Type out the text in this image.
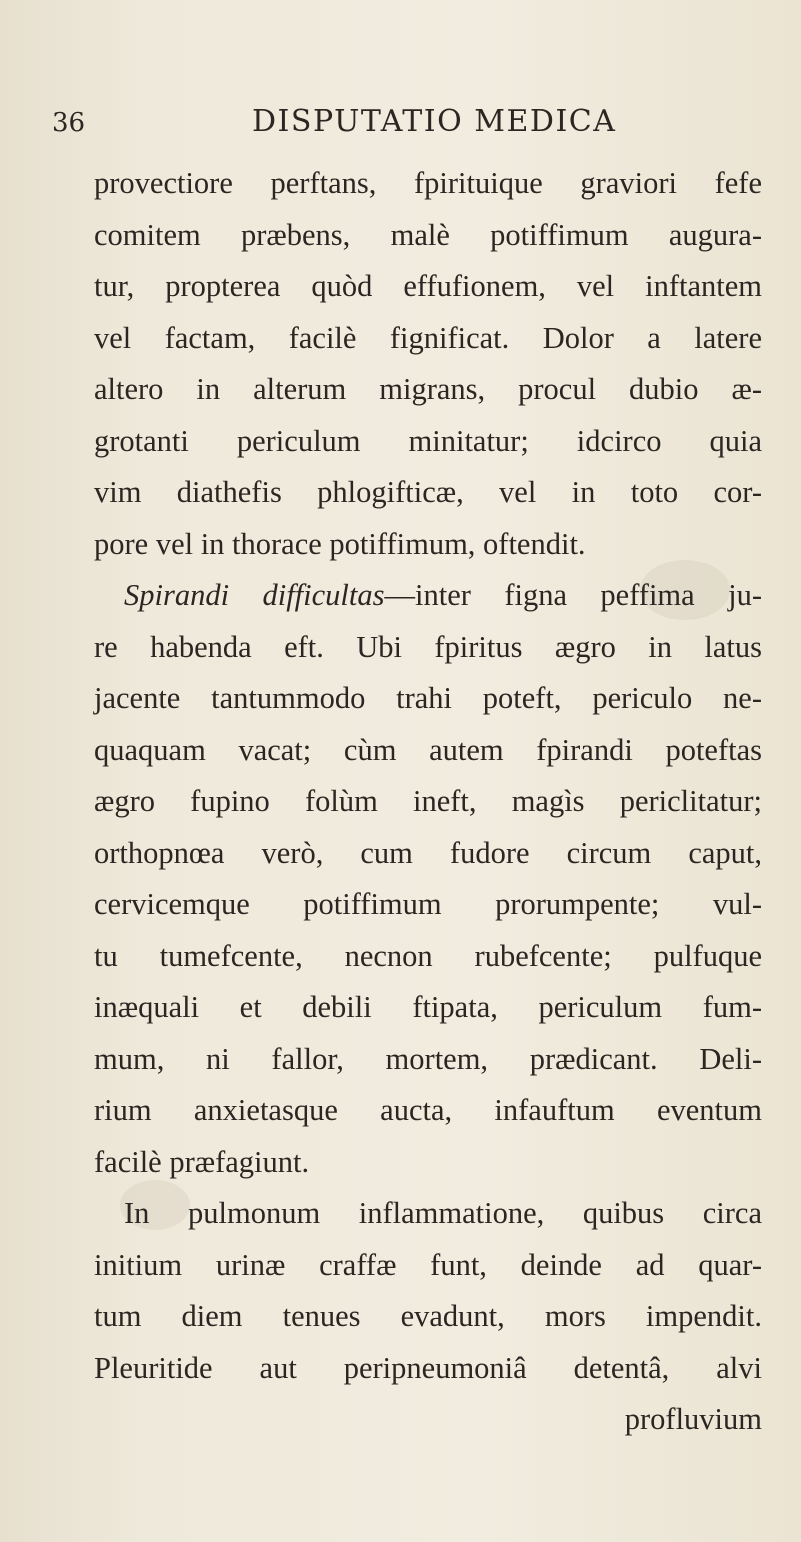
36	DISPUTATIO MEDICA
provectiore perftans, fpirituique graviori fefe
comitem præbens, malè potiffimum augura-
tur, propterea quòd effufionem, vel inftantem
vel factam, facilè fignificat. Dolor a latere
altero in alterum migrans, procul dubio æ-
grotanti periculum minitatur; idcirco quia
vim diathefis phlogifticæ, vel in toto cor-
pore vel in thorace potiffimum, oftendit.
Spirandi difficultas—inter figna peffima ju-
re habenda eft. Ubi fpiritus ægro in latus
jacente tantummodo trahi poteft, periculo ne-
quaquam vacat; cùm autem fpirandi poteftas
ægro fupino folùm ineft, magìs periclitatur;
orthopnœa verò, cum fudore circum caput,
cervicemque potiffimum prorumpente; vul-
tu tumefcente, necnon rubefcente; pulfuque
inæquali et debili ftipata, periculum fum-
mum, ni fallor, mortem, prædicant. Deli-
rium anxietasque aucta, infauftum eventum
facilè præfagiunt.
In pulmonum inflammatione, quibus circa
initium urinæ craffæ funt, deinde ad quar-
tum diem tenues evadunt, mors impendit.
Pleuritide aut peripneumoniâ detentâ, alvi
profluvium
